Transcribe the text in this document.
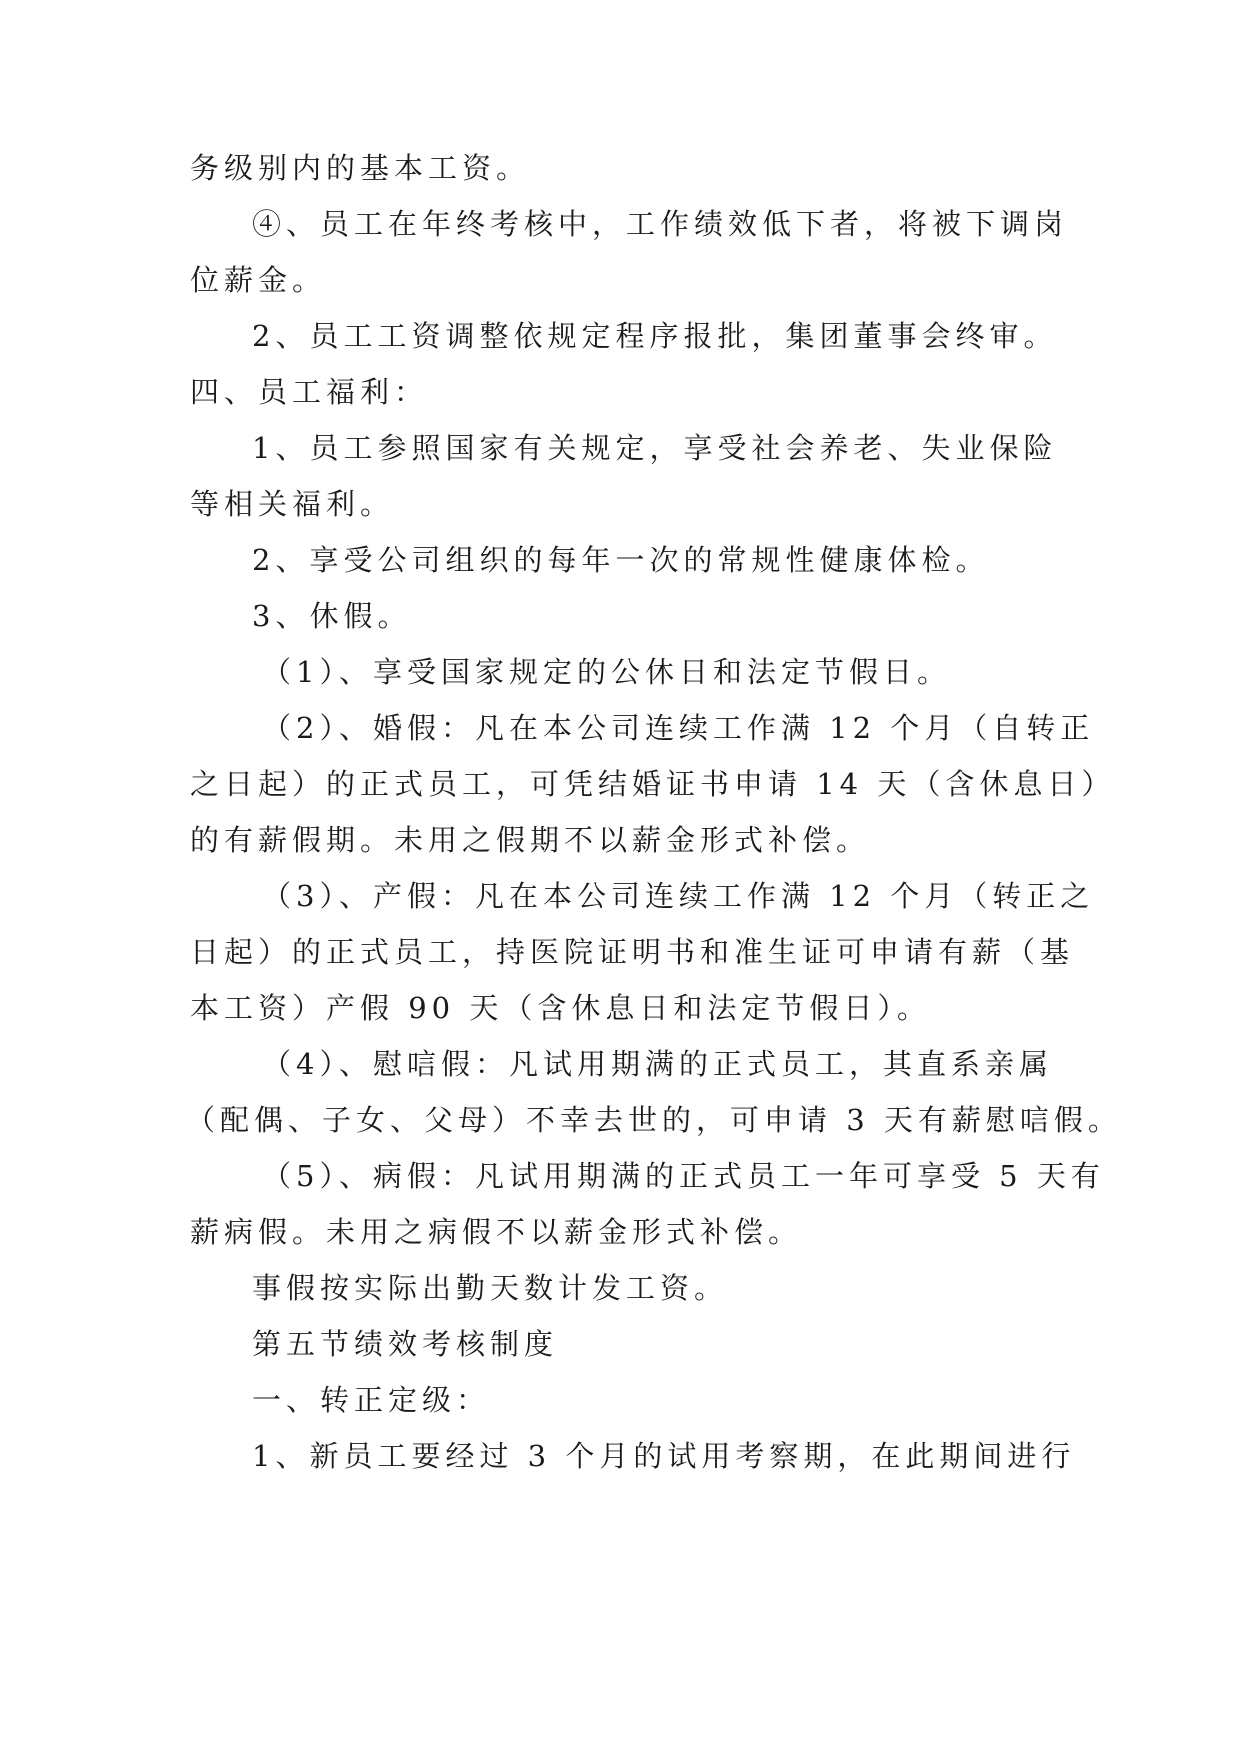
务级别内的基本工资。
④、员工在年终考核中，工作绩效低下者，将被下调岗
位薪金。
2、员工工资调整依规定程序报批，集团董事会终审。
四、员工福利：
1、员工参照国家有关规定，享受社会养老、失业保险
等相关福利。
2、享受公司组织的每年一次的常规性健康体检。
3、休假。
（1）、享受国家规定的公休日和法定节假日。
（2）、婚假：凡在本公司连续工作满 12 个月（自转正
之日起）的正式员工，可凭结婚证书申请 14 天（含休息日）
的有薪假期。未用之假期不以薪金形式补偿。
（3）、产假：凡在本公司连续工作满 12 个月（转正之
日起）的正式员工，持医院证明书和准生证可申请有薪（基
本工资）产假 90 天（含休息日和法定节假日）。
（4）、慰唁假：凡试用期满的正式员工，其直系亲属
（配偶、子女、父母）不幸去世的，可申请 3 天有薪慰唁假。
（5）、病假：凡试用期满的正式员工一年可享受 5 天有
薪病假。未用之病假不以薪金形式补偿。
事假按实际出勤天数计发工资。
第五节绩效考核制度
一、转正定级：
1、新员工要经过 3 个月的试用考察期，在此期间进行
